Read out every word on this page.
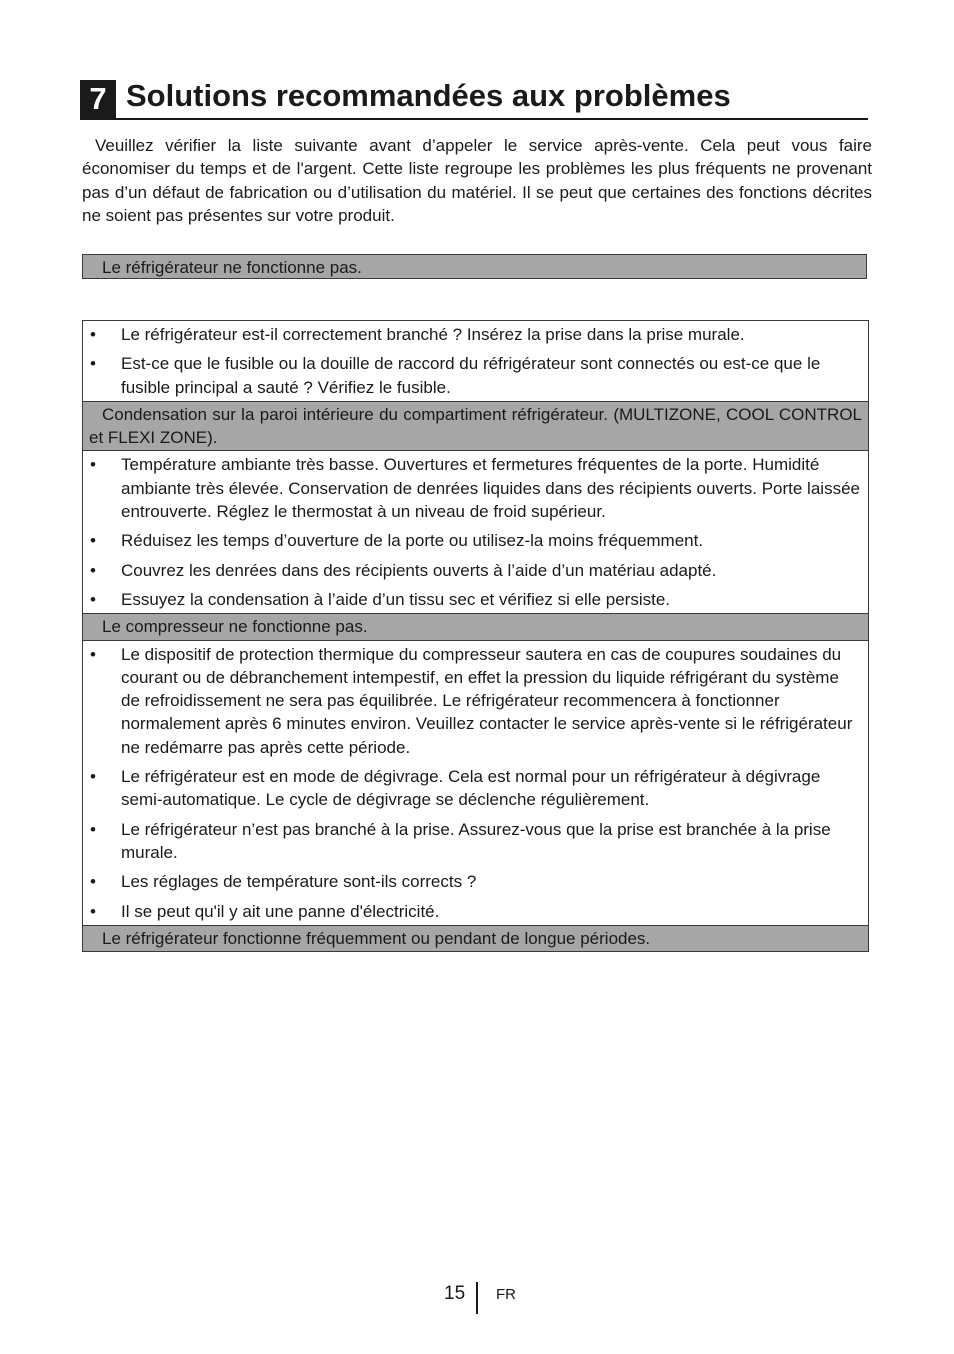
7 Solutions recommandées aux problèmes

Veuillez vérifier la liste suivante avant d’appeler le service après-vente. Cela peut vous faire économiser du temps et de l'argent. Cette liste regroupe les problèmes les plus fréquents ne provenant pas d’un défaut de fabrication ou d’utilisation du matériel. Il se peut que certaines des fonctions décrites ne soient pas présentes sur votre produit.

Le réfrigérateur ne fonctionne pas.
• Le réfrigérateur est-il correctement branché ? Insérez la prise dans la prise murale.
• Est-ce que le fusible ou la douille de raccord du réfrigérateur sont connectés ou est-ce que le fusible principal a sauté ? Vérifiez le fusible.
Condensation sur la paroi intérieure du compartiment réfrigérateur. (MULTIZONE, COOL CONTROL et FLEXI ZONE).
• Température ambiante très basse. Ouvertures et fermetures fréquentes de la porte. Humidité ambiante très élevée. Conservation de denrées liquides dans des récipients ouverts. Porte laissée entrouverte. Réglez le thermostat à un niveau de froid supérieur.
• Réduisez les temps d’ouverture de la porte ou utilisez-la moins fréquemment.
• Couvrez les denrées dans des récipients ouverts à l’aide d’un matériau adapté.
• Essuyez la condensation à l’aide d’un tissu sec et vérifiez si elle persiste.
Le compresseur ne fonctionne pas.
• Le dispositif de protection thermique du compresseur sautera en cas de coupures soudaines du courant ou de débranchement intempestif, en effet la pression du liquide réfrigérant du système de refroidissement ne sera pas équilibrée. Le réfrigérateur recommencera à fonctionner normalement après 6 minutes environ. Veuillez contacter le service après-vente si le réfrigérateur ne redémarre pas après cette période.
• Le réfrigérateur est en mode de dégivrage. Cela est normal pour un réfrigérateur à dégivrage semi-automatique. Le cycle de dégivrage se déclenche régulièrement.
• Le réfrigérateur n’est pas branché à la prise. Assurez-vous que la prise est branchée à la prise murale.
• Les réglages de température sont-ils corrects ?
• Il se peut qu'il y ait une panne d'électricité.
Le réfrigérateur fonctionne fréquemment ou pendant de longue périodes.
15 FR
